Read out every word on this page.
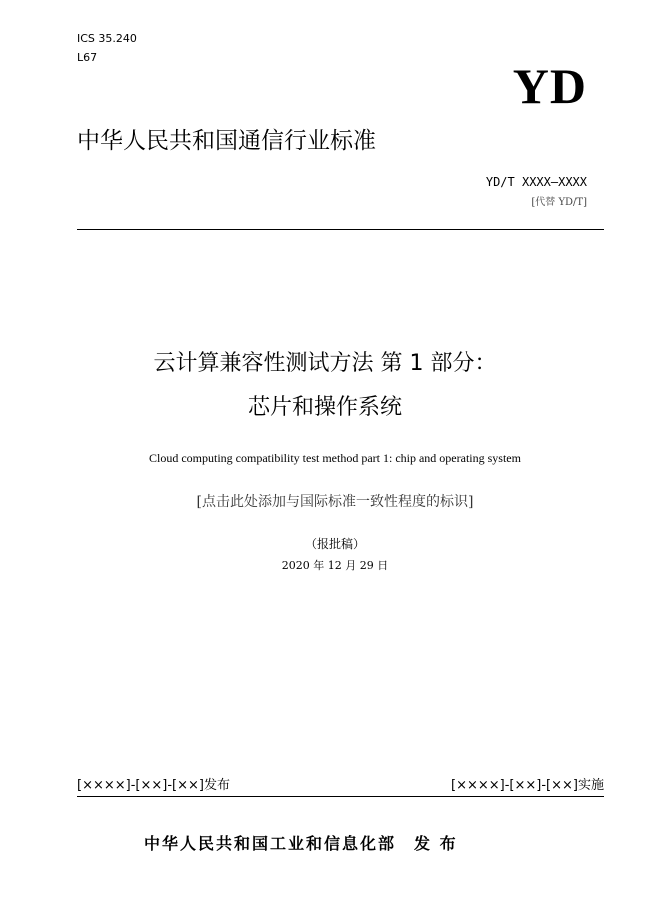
ICS 35.240
L67
YD
中华人民共和国通信行业标准
YD/T XXXX—XXXX
[代替 YD/T]
云计算兼容性测试方法 第 1 部分：
芯片和操作系统
Cloud computing compatibility test method part 1: chip and operating system
[点击此处添加与国际标准一致性程度的标识]
（报批稿）
2020 年 12 月 29 日
[××××]-[××]-[××]发布	[××××]-[××]-[××]实施
中华人民共和国工业和信息化部　发 布
